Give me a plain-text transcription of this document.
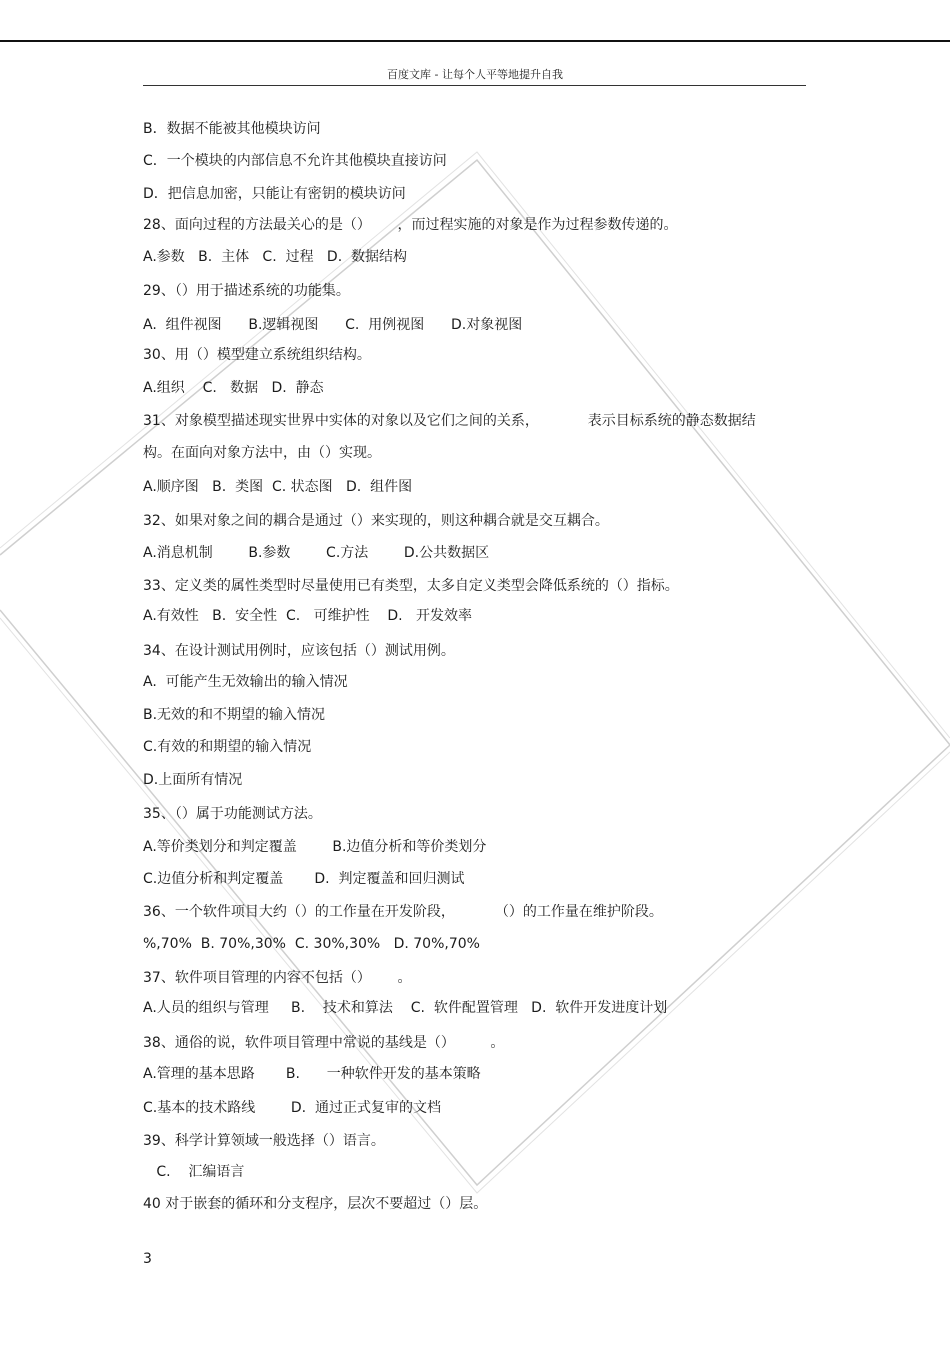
百度文库 - 让每个人平等地提升自我
B．数据不能被其他模块访问
C．一个模块的内部信息不允许其他模块直接访问
D．把信息加密，只能让有密钥的模块访问
28、面向过程的方法最关心的是（）      ，而过程实施的对象是作为过程参数传递的。
A.参数   B.  主体   C.  过程   D.  数据结构
29、（）用于描述系统的功能集。
A.  组件视图      B.逻辑视图      C.  用例视图      D.对象视图
30、用（）模型建立系统组织结构。
A.组织    C.   数据   D.  静态
31、对象模型描述现实世界中实体的对象以及它们之间的关系，           表示目标系统的静态数据结
构。在面向对象方法中，由（）实现。
A.顺序图   B.  类图  C. 状态图   D.  组件图
32、如果对象之间的耦合是通过（）来实现的，则这种耦合就是交互耦合。
A.消息机制        B.参数        C.方法        D.公共数据区
33、定义类的属性类型时尽量使用已有类型，太多自定义类型会降低系统的（）指标。
A.有效性   B.  安全性  C.   可维护性    D.   开发效率
34、在设计测试用例时，应该包括（）测试用例。
A.  可能产生无效输出的输入情况
B.无效的和不期望的输入情况
C.有效的和期望的输入情况
D.上面所有情况
35、（）属于功能测试方法。
A.等价类划分和判定覆盖        B.边值分析和等价类划分
C.边值分析和判定覆盖       D.  判定覆盖和回归测试
36、一个软件项目大约（）的工作量在开发阶段，         （）的工作量在维护阶段。
%,70%  B. 70%,30%  C. 30%,30%   D. 70%,70%
37、软件项目管理的内容不包括（）      。
A.人员的组织与管理     B.    技术和算法    C.  软件配置管理   D.  软件开发进度计划
38、通俗的说，软件项目管理中常说的基线是（）        。
A.管理的基本思路       B.      一种软件开发的基本策略
C.基本的技术路线        D.  通过正式复审的文档
39、科学计算领域一般选择（）语言。
C.    汇编语言
40 对于嵌套的循环和分支程序，层次不要超过（）层。
3
